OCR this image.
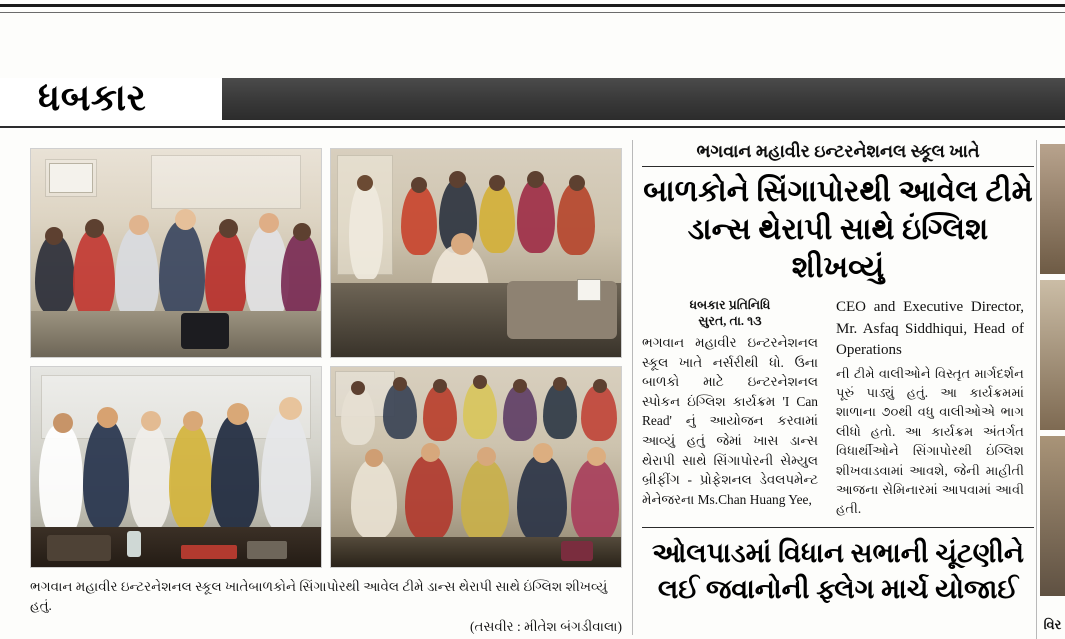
ધબકાર
ભગવાન મહાવીર ઇન્ટરનેશનલ સ્કૂલ ખાતેબાળકોને સિંગાપોરથી આવેલ ટીમે ડાન્સ થેરાપી સાથે ઇંગ્લિશ શીખવ્યું હતું.
(તસવીર : મીતેશ બંગડીવાલા)
ભગવાન મહાવીર ઇન્ટરનેશનલ સ્કૂલ ખાતે
બાળકોને સિંગાપોરથી આવેલ ટીમે
ડાન્સ થેરાપી સાથે ઇંગ્લિશ શીખવ્યું
ધબકાર પ્રતિનિધિ
સુરત, તા. ૧૩
ભગવાન મહાવીર ઇન્ટરનેશનલ સ્કૂલ ખાતે નર્સરીથી ધો. ઉના બાળકો માટે ઇન્ટરનેશનલ સ્પોકન ઇંગ્લિશ કાર્યક્રમ 'I Can Read' નું આયોજન કરવામાં આવ્યું હતું જેમાં ખાસ ડાન્સ થેરાપી સાથે સિંગાપોરની સેમ્યુલ બ્રીફીંગ - પ્રોફેશનલ ડેવલપમેન્ટ મેનેજરના Ms.Chan Huang Yee,
CEO and Executive Director, Mr. Asfaq Siddhiqui, Head of Operations
ની ટીમે વાલીઓને વિસ્તૃત માર્ગદર્શન પૂરું પાડ્યું હતું. આ કાર્યક્રમમાં શાળાના ૭૦થી વધુ વાલીઓએ ભાગ લીધો હતો. આ કાર્યક્રમ અંતર્ગત વિધાર્થીઓને સિંગાપોરથી ઇંગ્લિશ શીખવાડવામાં આવશે, જેની માહીતી આજના સેમિનારમાં આપવામાં આવી હતી.
ઓલપાડમાં વિધાન સભાની ચૂંટણીને
લઈ જવાનોની ફ્લેગ માર્ચ યોજાઈ
વિર
